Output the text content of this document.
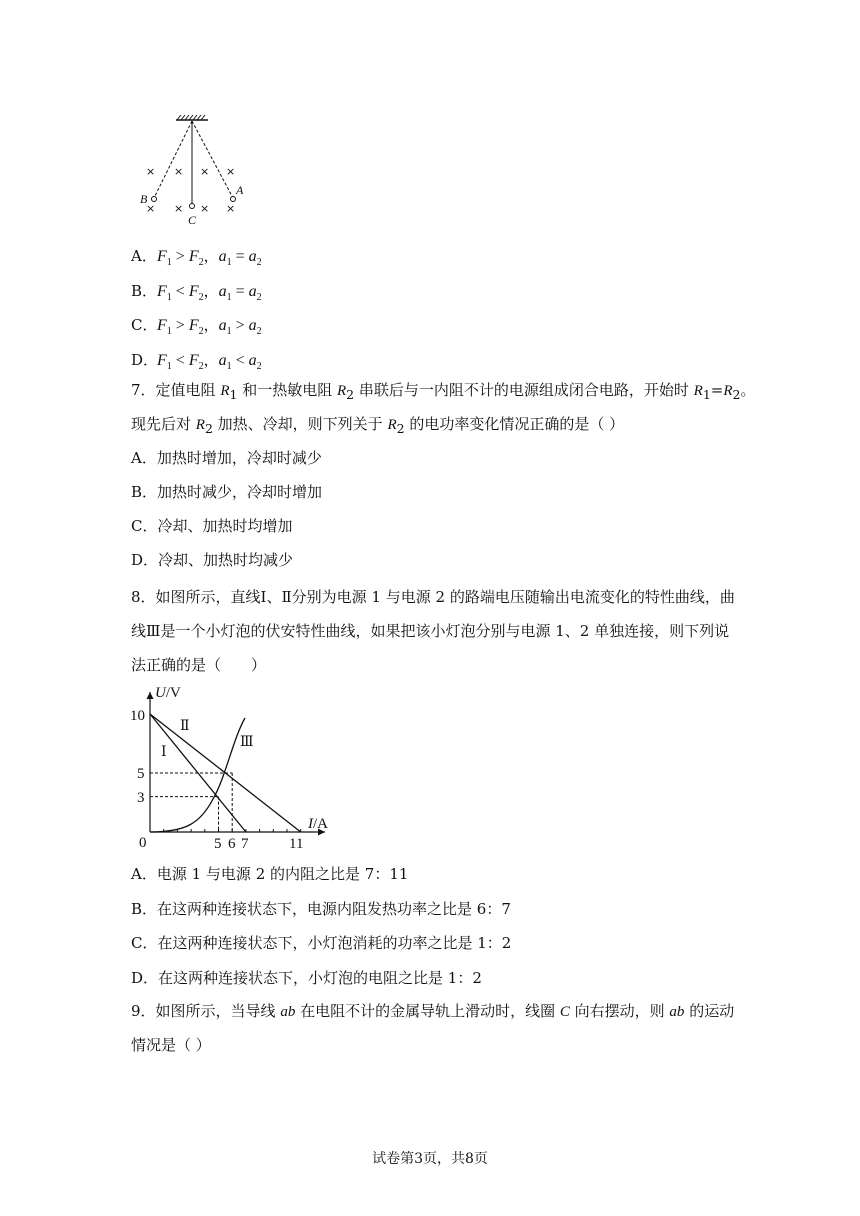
× × × ×
× × × ×
B
A
C
A．$F_1 > F_2$，$a_1 = a_2$
B．$F_1 < F_2$，$a_1 = a_2$
C．$F_1 > F_2$，$a_1 > a_2$
D．$F_1 < F_2$，$a_1 < a_2$
7．定值电阻 $R_1$ 和一热敏电阻 $R_2$ 串联后与一内阻不计的电源组成闭合电路，开始时 $R_1=R_2$。
现先后对 $R_2$ 加热、冷却，则下列关于 $R_2$ 的电功率变化情况正确的是（ ）
A．加热时增加，冷却时减少
B．加热时减少，冷却时增加
C．冷却、加热时均增加
D．冷却、加热时均减少
8．如图所示，直线Ⅰ、Ⅱ分别为电源 1 与电源 2 的路端电压随输出电流变化的特性曲线，曲
线Ⅲ是一个小灯泡的伏安特性曲线，如果把该小灯泡分别与电源 1、2 单独连接，则下列说
法正确的是（　　）
U/V
I/A
10
5
3
0	5 6 7	11
Ⅱ
Ⅰ
Ⅲ
A．电源 1 与电源 2 的内阻之比是 7：11
B．在这两种连接状态下，电源内阻发热功率之比是 6：7
C．在这两种连接状态下，小灯泡消耗的功率之比是 1：2
D．在这两种连接状态下，小灯泡的电阻之比是 1：2
9．如图所示，当导线 ab 在电阻不计的金属导轨上滑动时，线圈 C 向右摆动，则 ab 的运动
情况是（ ）
试卷第3页，共8页
